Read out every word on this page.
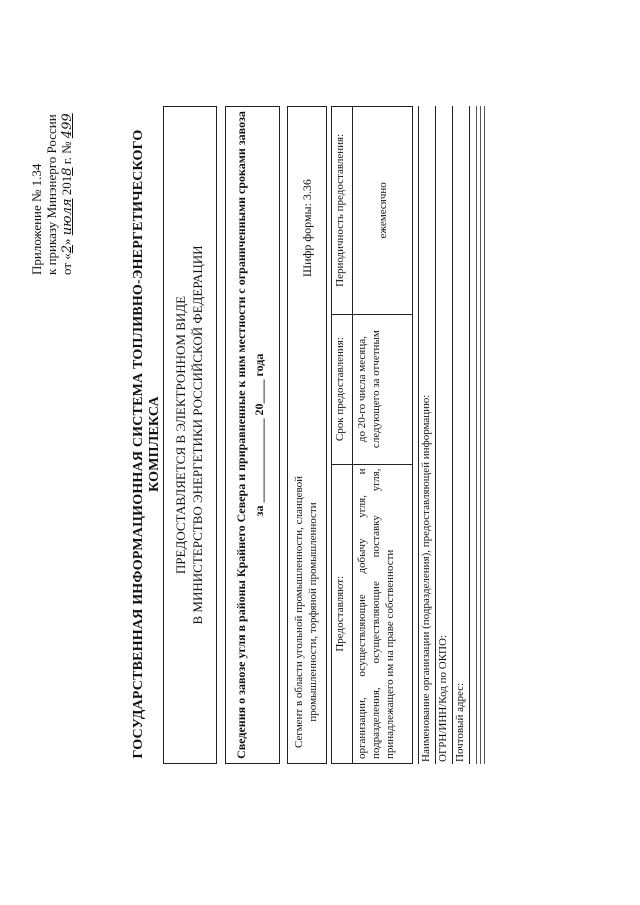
Приложение № 1.34 к приказу Минэнерго России от «2» июля 2018 г. № 499
ГОСУДАРСТВЕННАЯ ИНФОРМАЦИОННАЯ СИСТЕМА ТОПЛИВНО-ЭНЕРГЕТИЧЕСКОГО КОМПЛЕКСА ПРЕДОСТАВЛЯЕТСЯ В ЭЛЕКТРОННОМ ВИДЕ В МИНИСТЕРСТВО ЭНЕРГЕТИКИ РОССИЙСКОЙ ФЕДЕРАЦИИ Сведения о завозе угля в районы Крайнего Севера и приравненные к ним местности с ограниченными сроками завоза за ______________ 20____ года
Сегмент в области угольной промышленности, сланцевой промышленности, торфяной промышленности
Шифр формы: 3.36
Предоставляют:	Срок предоставления:	Периодичность предоставления:
организации, осуществляющие добычу угля, и подразделения, осуществляющие поставку угля, принадлежащего им на праве собственности	до 20-го числа месяца, следующего за отчетным	ежемесячно
Наименование организации (подразделения), предоставляющей информацию: ОГРН/ИНН/Код по ОКПО: Почтовый адрес:
